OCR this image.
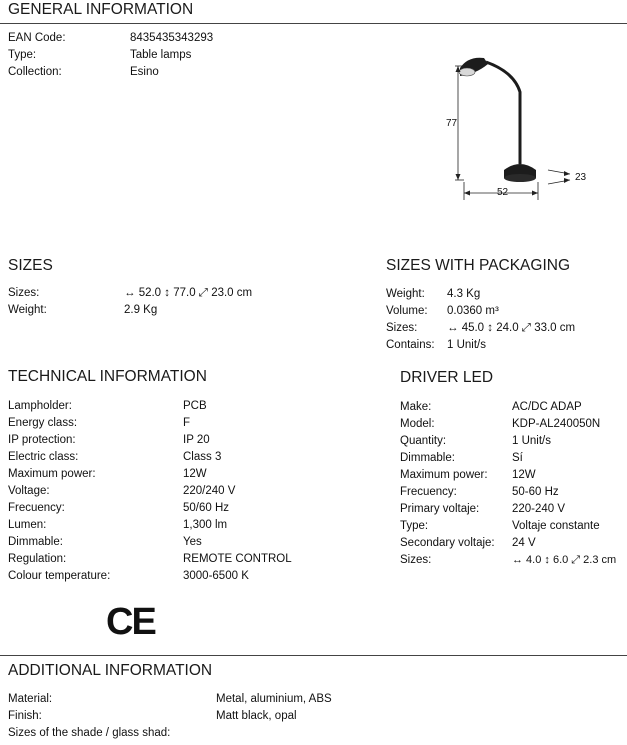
GENERAL INFORMATION
EAN Code:	8435435343293
Type:	Table lamps
Collection:	Esino
77
52
23
SIZES
Sizes:	↔ 52.0 ↕ 77.0 ⤢ 23.0 cm
Weight:	2.9 Kg
SIZES WITH PACKAGING
Weight: 4.3 Kg
Volume: 0.0360 m³
Sizes:	↔ 45.0 ↕ 24.0 ⤢ 33.0 cm
Contains: 1 Unit/s
TECHNICAL INFORMATION
Lampholder:	PCB
Energy class:	F
IP protection:	IP 20
Electric class:	Class 3
Maximum power:	12W
Voltage:	220/240 V
Frecuency:	50/60 Hz
Lumen:	1,300 lm
Dimmable:	Yes
Regulation:	REMOTE CONTROL
Colour temperature:	3000-6500 K
DRIVER LED
Make:	AC/DC ADAP
Model:	KDP-AL240050N
Quantity:	1 Unit/s
Dimmable:	Sí
Maximum power: 12W
Frecuency:	50-60 Hz
Primary voltaje:	220-240 V
Type:	Voltaje constante
Secondary voltaje: 24 V
Sizes:	↔ 4.0 ↕ 6.0 ⤢ 2.3 cm
CE
ADDITIONAL INFORMATION
Material:	Metal, aluminium, ABS
Finish:	Matt black, opal
Sizes of the shade / glass shad:
